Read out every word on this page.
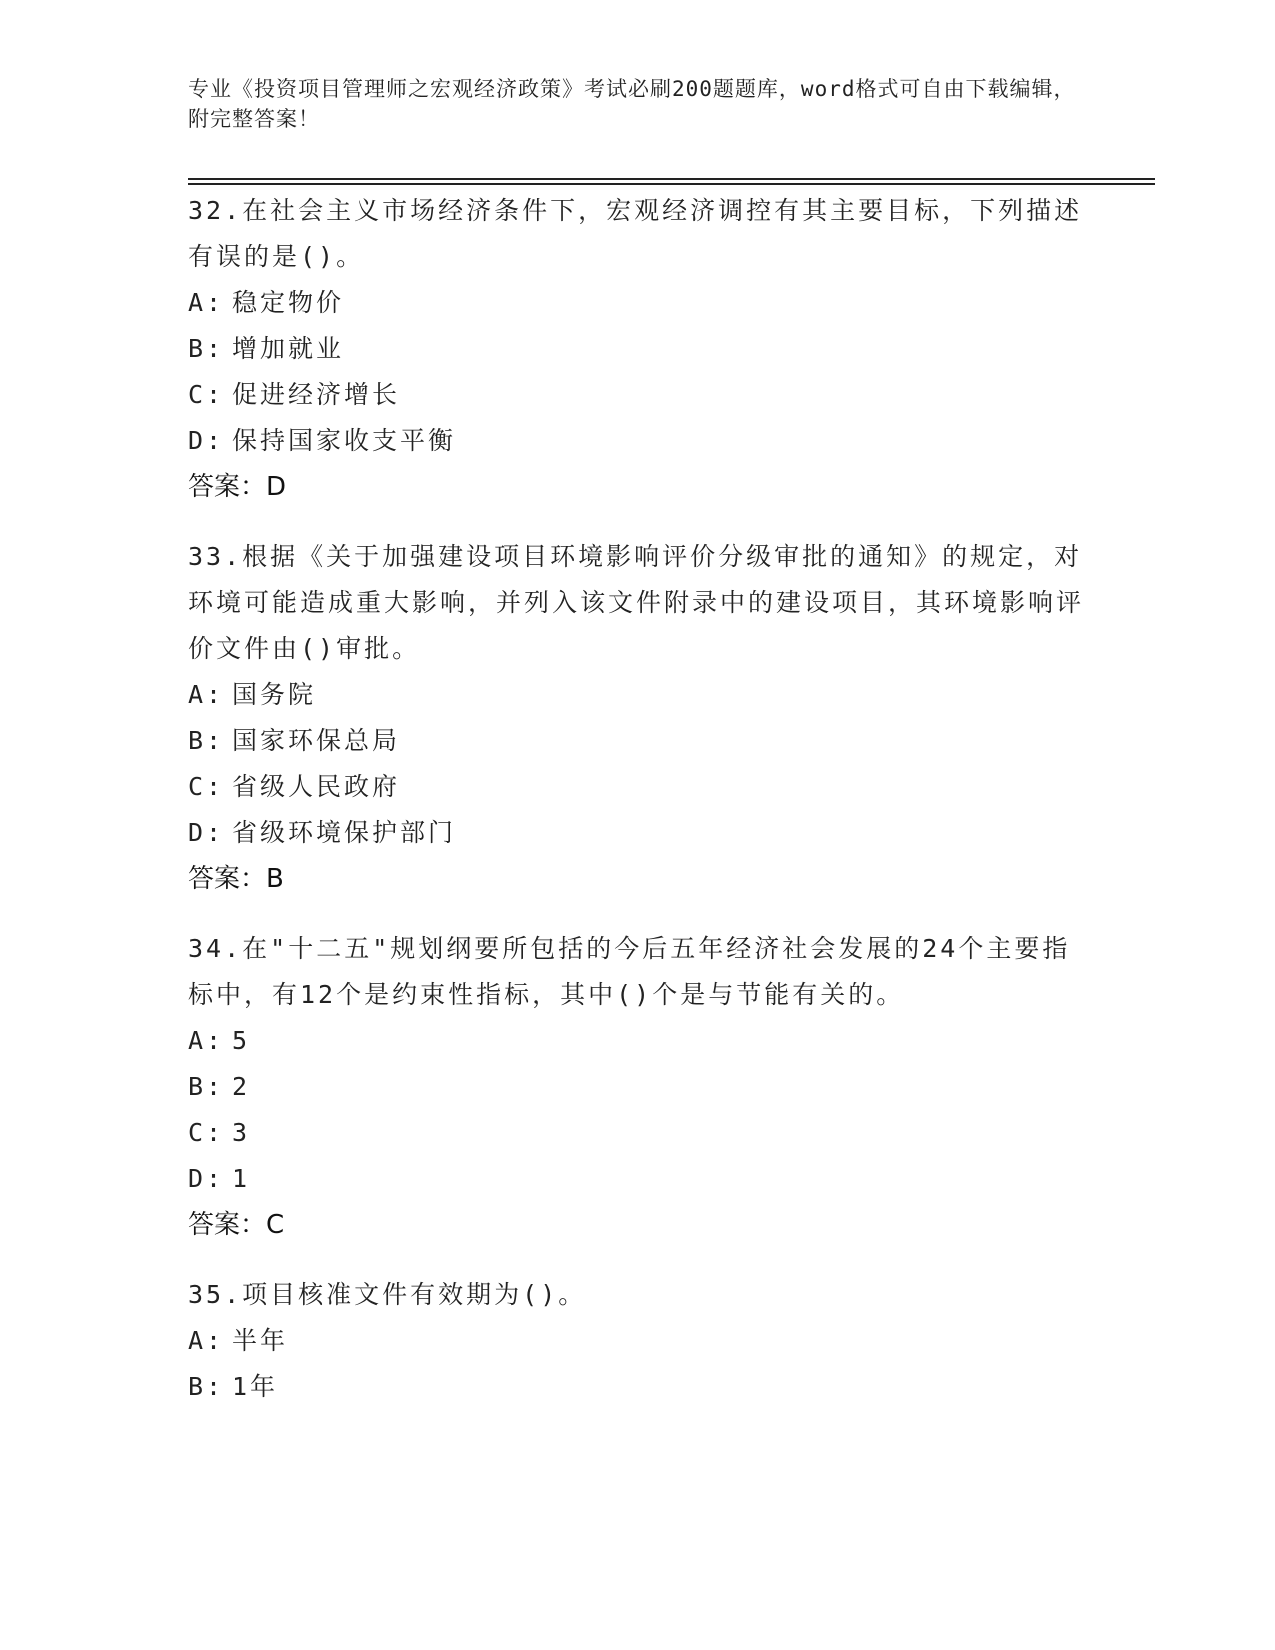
专业《投资项目管理师之宏观经济政策》考试必刷200题题库，word格式可自由下载编辑，附完整答案！
32.在社会主义市场经济条件下，宏观经济调控有其主要目标，下列描述有误的是()。
A: 稳定物价
B: 增加就业
C: 促进经济增长
D: 保持国家收支平衡
答案：D
33.根据《关于加强建设项目环境影响评价分级审批的通知》的规定，对环境可能造成重大影响，并列入该文件附录中的建设项目，其环境影响评价文件由()审批。
A: 国务院
B: 国家环保总局
C: 省级人民政府
D: 省级环境保护部门
答案：B
34.在"十二五"规划纲要所包括的今后五年经济社会发展的24个主要指标中，有12个是约束性指标，其中()个是与节能有关的。
A: 5
B: 2
C: 3
D: 1
答案：C
35.项目核准文件有效期为()。
A: 半年
B: 1年
